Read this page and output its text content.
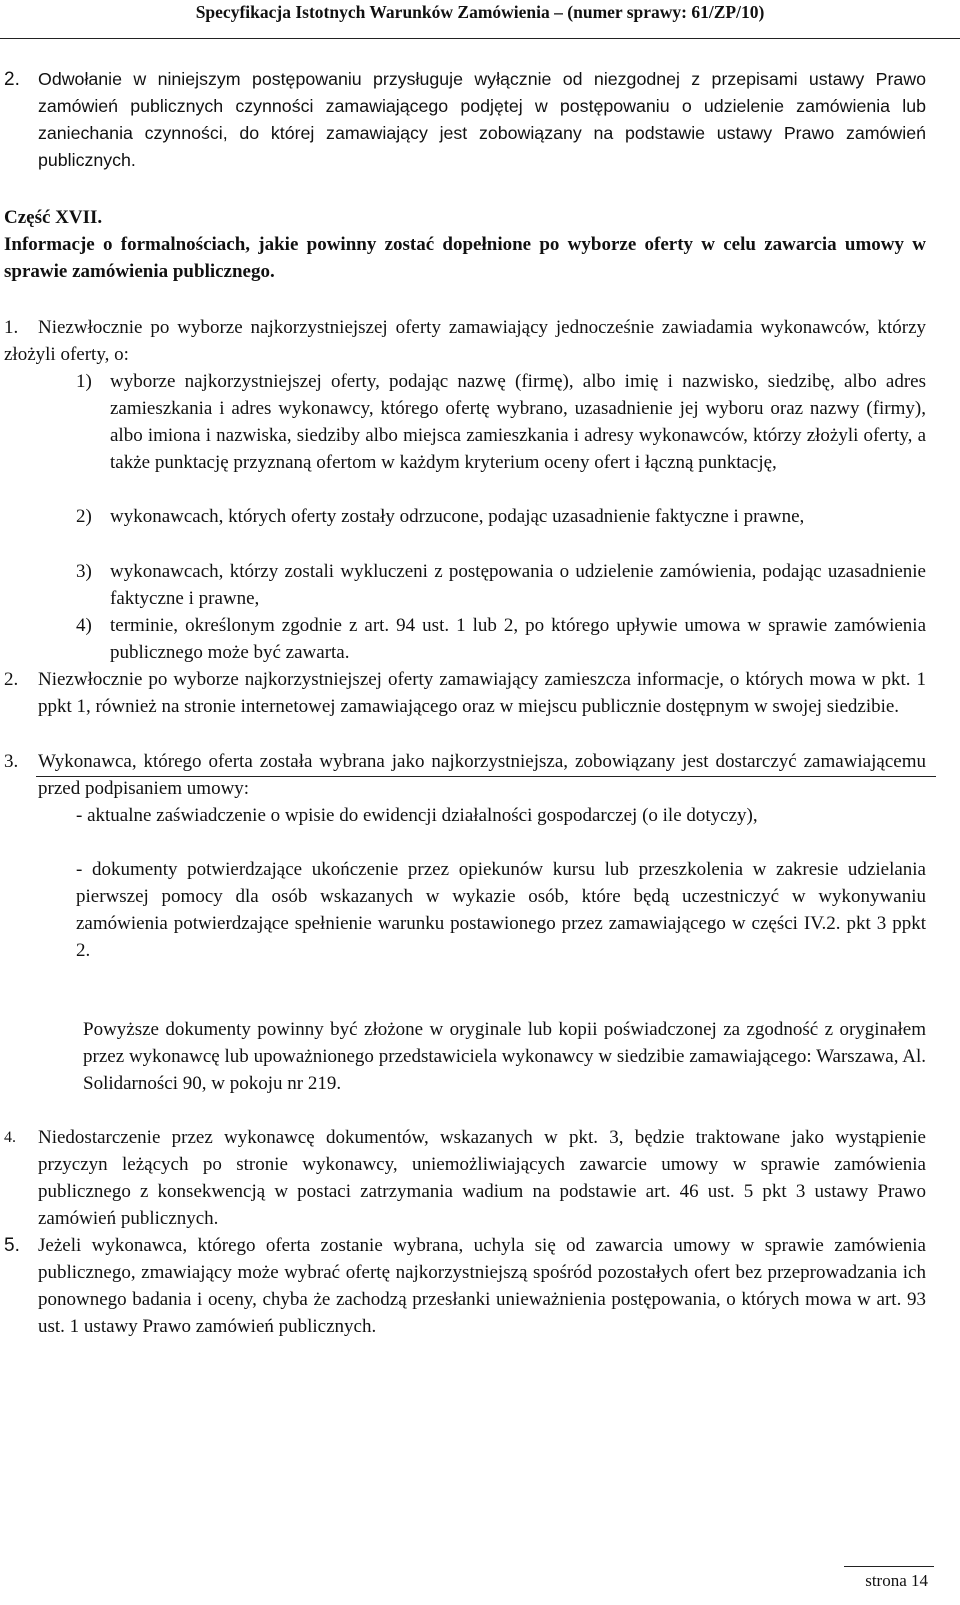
Specyfikacja Istotnych Warunków Zamówienia – (numer sprawy: 61/ZP/10)
2. Odwołanie w niniejszym postępowaniu przysługuje wyłącznie od niezgodnej z przepisami ustawy Prawo zamówień publicznych czynności zamawiającego podjętej w postępowaniu o udzielenie zamówienia lub zaniechania czynności, do której zamawiający jest zobowiązany na podstawie ustawy Prawo zamówień publicznych.
Część XVII.
Informacje o formalnościach, jakie powinny zostać dopełnione po wyborze oferty w celu zawarcia umowy w sprawie zamówienia publicznego.
1.	Niezwłocznie po wyborze najkorzystniejszej oferty zamawiający jednocześnie zawiadamia wykonawców, którzy złożyli oferty, o:
1) wyborze najkorzystniejszej oferty, podając nazwę (firmę), albo imię i nazwisko, siedzibę, albo adres zamieszkania i adres wykonawcy, którego ofertę wybrano, uzasadnienie jej wyboru oraz nazwy (firmy), albo imiona i nazwiska, siedziby albo miejsca zamieszkania i adresy wykonawców, którzy złożyli oferty, a także punktację przyznaną ofertom w każdym kryterium oceny ofert i łączną punktację,
2) wykonawcach, których oferty zostały odrzucone, podając uzasadnienie faktyczne i prawne,
3) wykonawcach, którzy zostali wykluczeni z postępowania o udzielenie zamówienia, podając uzasadnienie faktyczne i prawne,
4) terminie, określonym zgodnie z art. 94 ust. 1 lub 2, po którego upływie umowa w sprawie zamówienia publicznego może być zawarta.
2. Niezwłocznie po wyborze najkorzystniejszej oferty zamawiający zamieszcza informacje, o których mowa w pkt. 1 ppkt 1, również na stronie internetowej zamawiającego oraz w miejscu publicznie dostępnym w swojej siedzibie.
3. Wykonawca, którego oferta została wybrana jako najkorzystniejsza, zobowiązany jest dostarczyć zamawiającemu przed podpisaniem umowy:
- aktualne zaświadczenie o wpisie do ewidencji działalności gospodarczej (o ile dotyczy),
- dokumenty potwierdzające ukończenie przez opiekunów kursu lub przeszkolenia w zakresie udzielania pierwszej pomocy dla osób wskazanych w wykazie osób, które będą uczestniczyć w wykonywaniu zamówienia potwierdzające spełnienie warunku postawionego przez zamawiającego w części IV.2. pkt 3 ppkt 2.
Powyższe dokumenty powinny być złożone w oryginale lub kopii poświadczonej za zgodność z oryginałem przez wykonawcę lub upoważnionego przedstawiciela wykonawcy w siedzibie zamawiającego: Warszawa, Al. Solidarności 90, w pokoju nr 219.
4. Niedostarczenie przez wykonawcę dokumentów, wskazanych w pkt. 3, będzie traktowane jako wystąpienie przyczyn leżących po stronie wykonawcy, uniemożliwiających zawarcie umowy w sprawie zamówienia publicznego z konsekwencją w postaci zatrzymania wadium na podstawie art. 46 ust. 5 pkt 3 ustawy Prawo zamówień publicznych.
5. Jeżeli wykonawca, którego oferta zostanie wybrana, uchyla się od zawarcia umowy w sprawie zamówienia publicznego, zmawiający może wybrać ofertę najkorzystniejszą spośród pozostałych ofert bez przeprowadzania ich ponownego badania i oceny, chyba że zachodzą przesłanki unieważnienia postępowania, o których mowa w art. 93 ust. 1 ustawy Prawo zamówień publicznych.
strona 14
